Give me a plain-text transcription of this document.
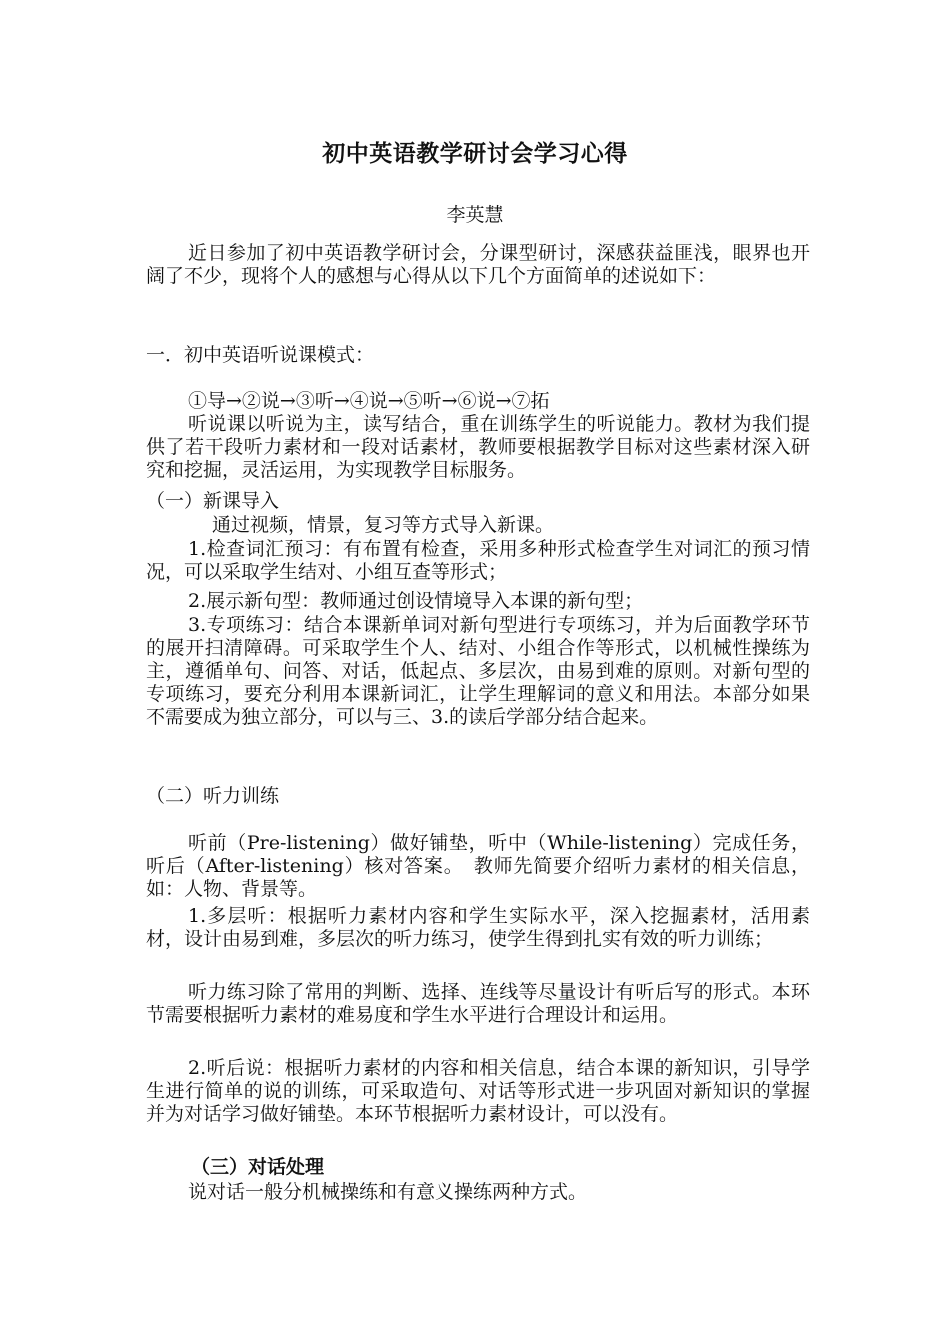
初中英语教学研讨会学习心得
李英慧

近日参加了初中英语教学研讨会，分课型研讨，深感获益匪浅，眼界也开阔了不少，现将个人的感想与心得从以下几个方面简单的述说如下：

一．初中英语听说课模式：

①导→②说→③听→④说→⑤听→⑥说→⑦拓

听说课以听说为主，读写结合，重在训练学生的听说能力。教材为我们提供了若干段听力素材和一段对话素材，教师要根据教学目标对这些素材深入研究和挖掘，灵活运用，为实现教学目标服务。

（一）新课导入

通过视频，情景，复习等方式导入新课。

1.检查词汇预习：有布置有检查，采用多种形式检查学生对词汇的预习情况，可以采取学生结对、小组互查等形式；

2.展示新句型：教师通过创设情境导入本课的新句型；

3.专项练习：结合本课新单词对新句型进行专项练习，并为后面教学环节的展开扫清障碍。可采取学生个人、结对、小组合作等形式，以机械性操练为主，遵循单句、问答、对话，低起点、多层次，由易到难的原则。对新句型的专项练习，要充分利用本课新词汇，让学生理解词的意义和用法。本部分如果不需要成为独立部分，可以与三、3.的读后学部分结合起来。

（二）听力训练

听前（Pre-listening）做好铺垫，听中（While-listening）完成任务，听后（After-listening）核对答案。　教师先简要介绍听力素材的相关信息，如：人物、背景等。

1.多层听：根据听力素材内容和学生实际水平，深入挖掘素材，活用素材，设计由易到难，多层次的听力练习，使学生得到扎实有效的听力训练；

听力练习除了常用的判断、选择、连线等尽量设计有听后写的形式。本环节需要根据听力素材的难易度和学生水平进行合理设计和运用。

2.听后说：根据听力素材的内容和相关信息，结合本课的新知识，引导学生进行简单的说的训练，可采取造句、对话等形式进一步巩固对新知识的掌握并为对话学习做好铺垫。本环节根据听力素材设计，可以没有。

（三）对话处理

说对话一般分机械操练和有意义操练两种方式。
